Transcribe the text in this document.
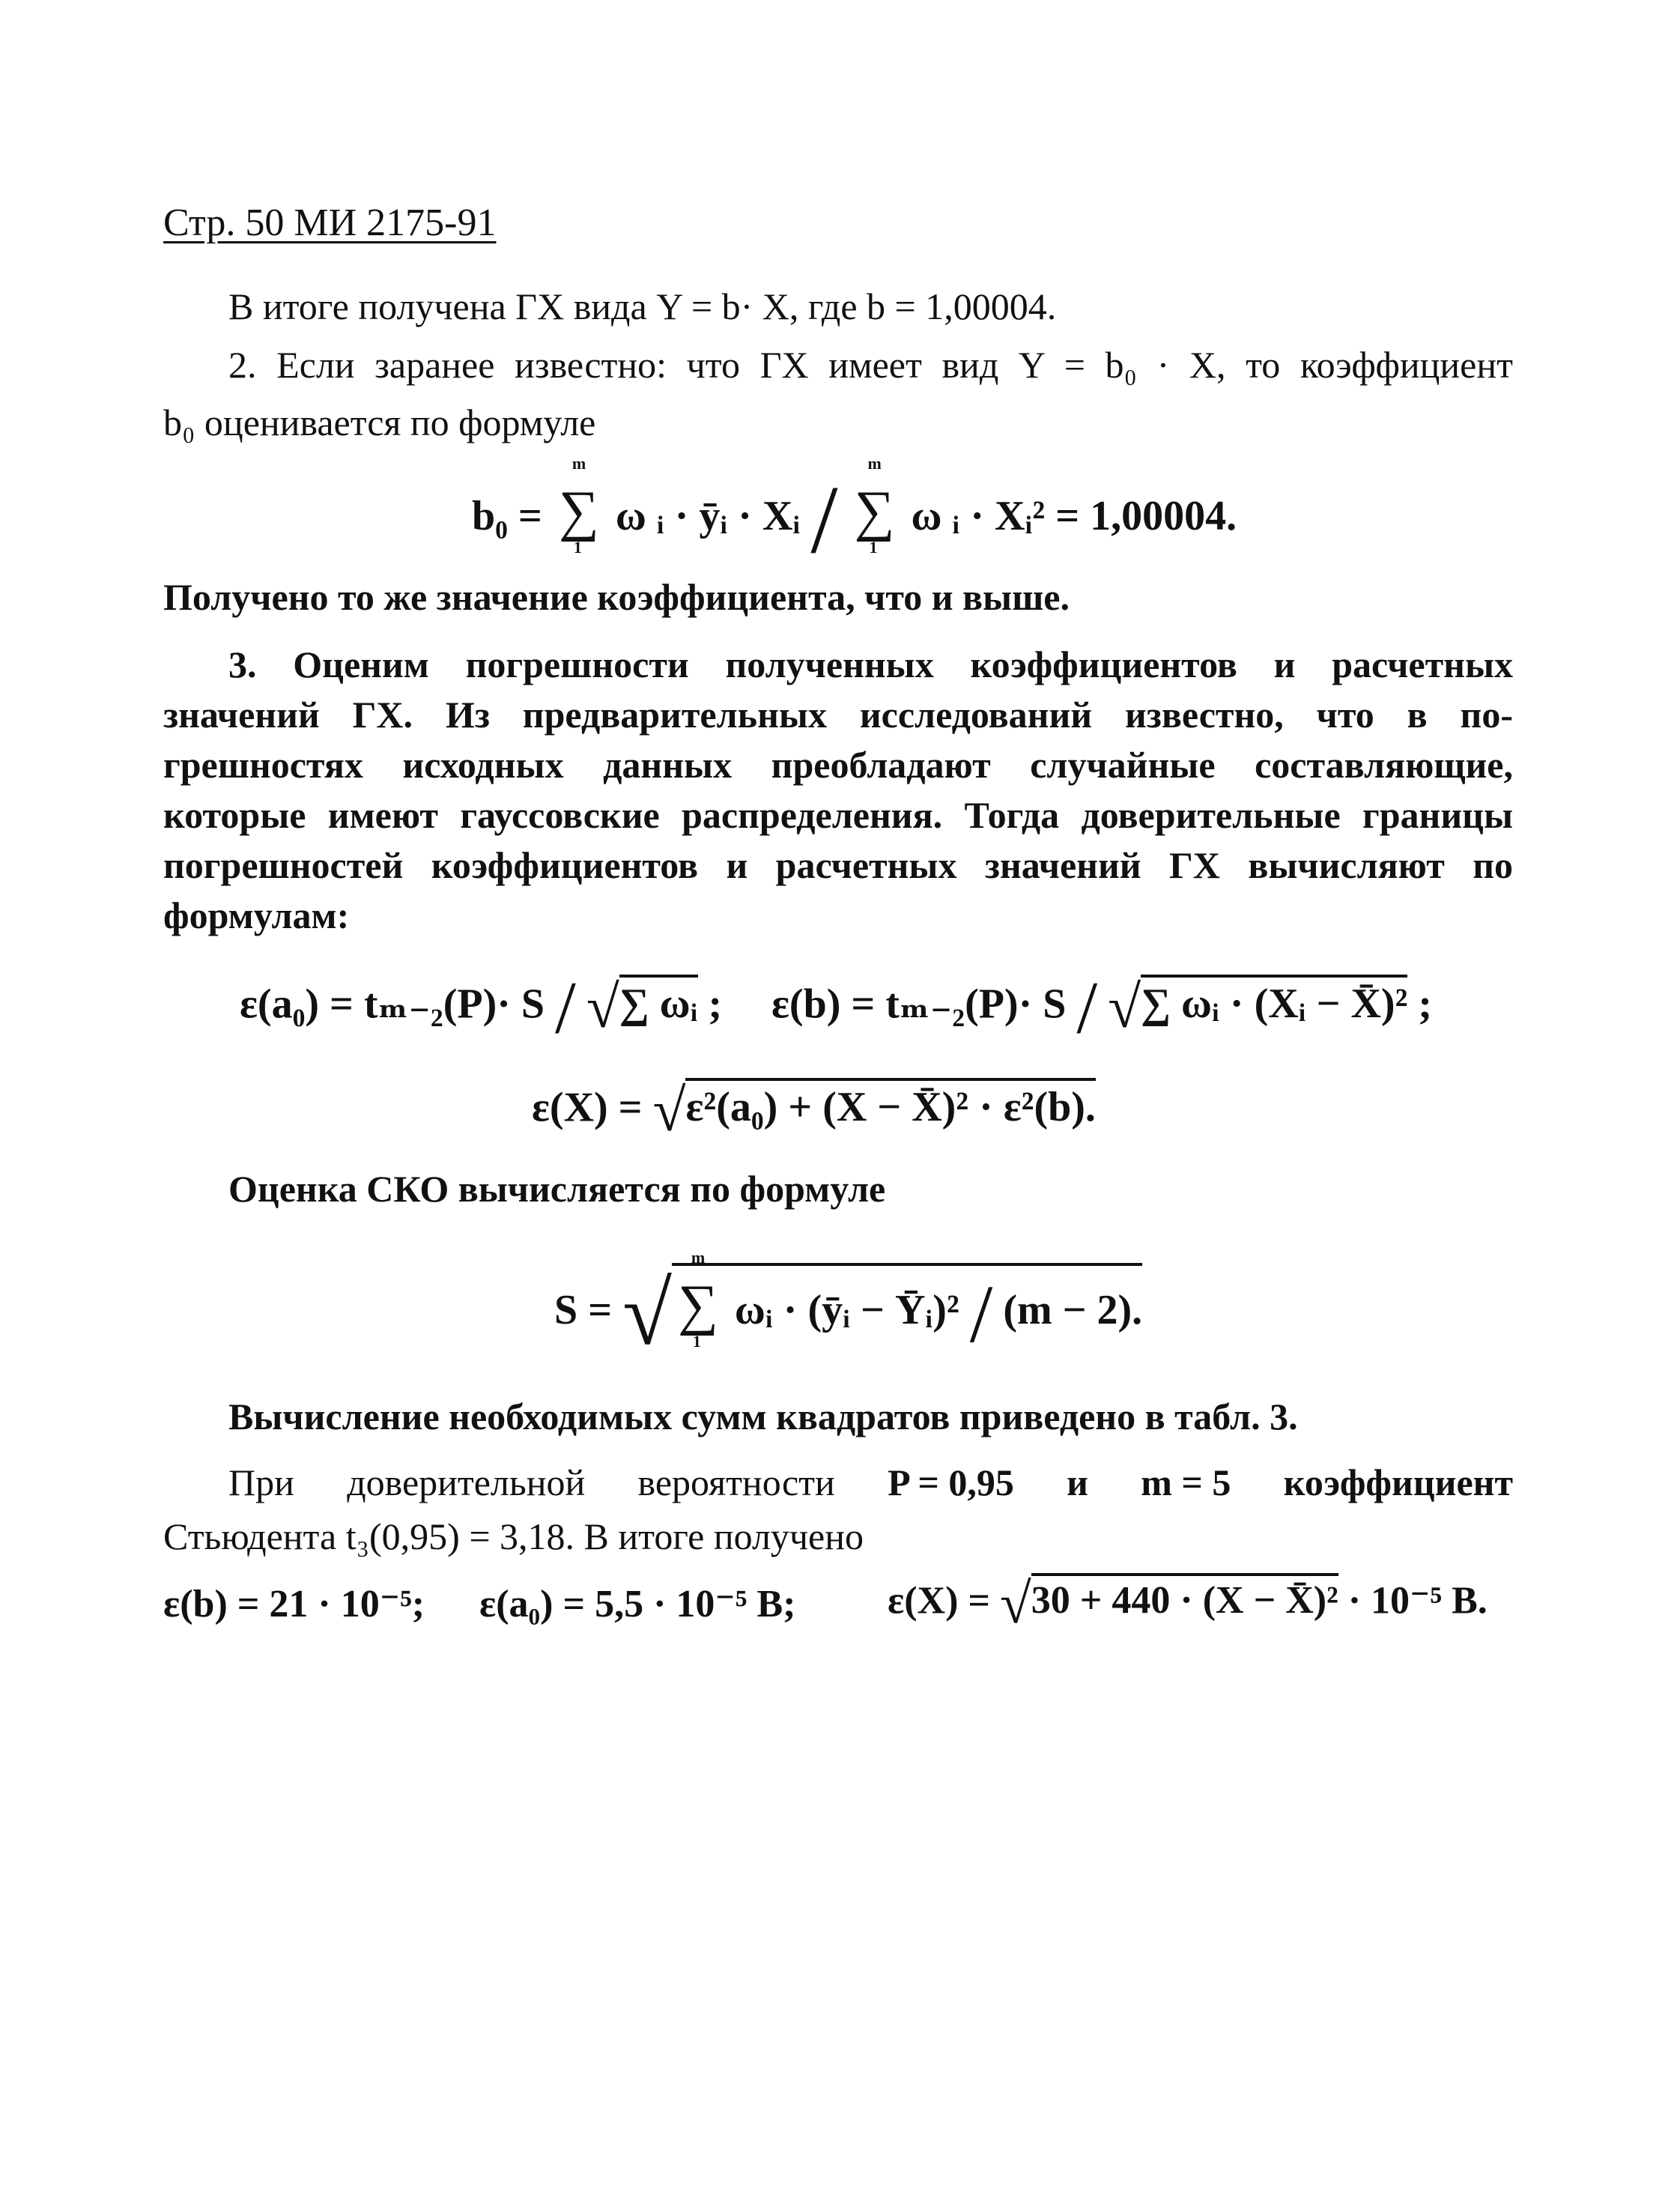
Стр. 50 МИ 2175-91
В итоге получена ГХ вида Y = b· X, где b = 1,00004.
2. Если заранее известно: что ГХ имеет вид Y = b₀ · X, то коэффициент
b₀ оценивается по формуле
b₀ = ∑
m
1
ω ᵢ · ȳᵢ · Xᵢ / ∑
m
1
ω ᵢ · Xᵢ² = 1,00004.
Получено то же значение коэффициента, что и выше.
3. Оценим погрешности полученных коэффициентов и расчетных
значений ГХ. Из предварительных исследований известно, что в по-
грешностях исходных данных преобладают случайные составляющие,
которые имеют гауссовские распределения. Тогда доверительные границы
погрешностей коэффициентов и расчетных значений ГХ вычисляют по
формулам:
ε(a₀) = tₘ₋₂(P)· S / √∑ ωᵢ ; ε(b) = tₘ₋₂(P)· S / √∑ ωᵢ · (Xᵢ − X̄)² ;
ε(X) = √ε²(a₀) + (X − X̄)² · ε²(b).
Оценка СКО вычисляется по формуле
S = √ ∑
m
1
ωᵢ · (ȳᵢ − Ȳᵢ)² / (m − 2).
Вычисление необходимых сумм квадратов приведено в табл. 3.
При доверительной вероятности P = 0,95 и m = 5 коэффициент
Стьюдента t₃(0,95) = 3,18. В итоге получено
ε(b) = 21 · 10⁻⁵; ε(a₀) = 5,5 · 10⁻⁵ В; ε(X) = √30 + 440 · (X − X̄)² · 10⁻⁵ В.
